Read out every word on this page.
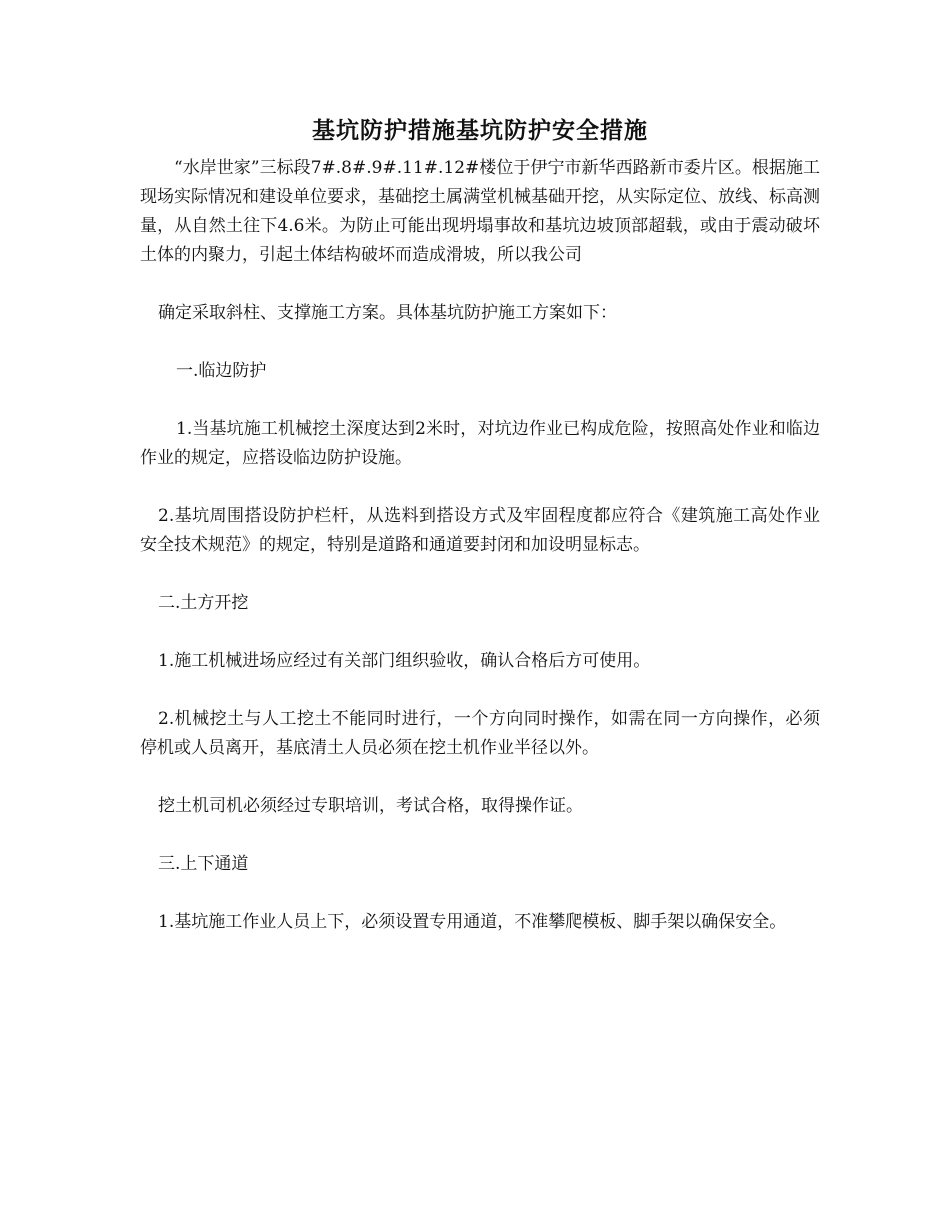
基坑防护措施基坑防护安全措施

“水岸世家”三标段7#.8#.9#.11#.12#楼位于伊宁市新华西路新市委片区。根据施工现场实际情况和建设单位要求，基础挖土属满堂机械基础开挖，从实际定位、放线、标高测量，从自然土往下4.6米。为防止可能出现坍塌事故和基坑边坡顶部超载，或由于震动破坏土体的内聚力，引起土体结构破坏而造成滑坡，所以我公司

确定采取斜柱、支撑施工方案。具体基坑防护施工方案如下：

一.临边防护

1.当基坑施工机械挖土深度达到2米时，对坑边作业已构成危险，按照高处作业和临边作业的规定，应搭设临边防护设施。

2.基坑周围搭设防护栏杆，从选料到搭设方式及牢固程度都应符合《建筑施工高处作业安全技术规范》的规定，特别是道路和通道要封闭和加设明显标志。

二.土方开挖

1.施工机械进场应经过有关部门组织验收，确认合格后方可使用。

2.机械挖土与人工挖土不能同时进行，一个方向同时操作，如需在同一方向操作，必须停机或人员离开，基底清土人员必须在挖土机作业半径以外。

挖土机司机必须经过专职培训，考试合格，取得操作证。

三.上下通道

1.基坑施工作业人员上下，必须设置专用通道，不准攀爬模板、脚手架以确保安全。
